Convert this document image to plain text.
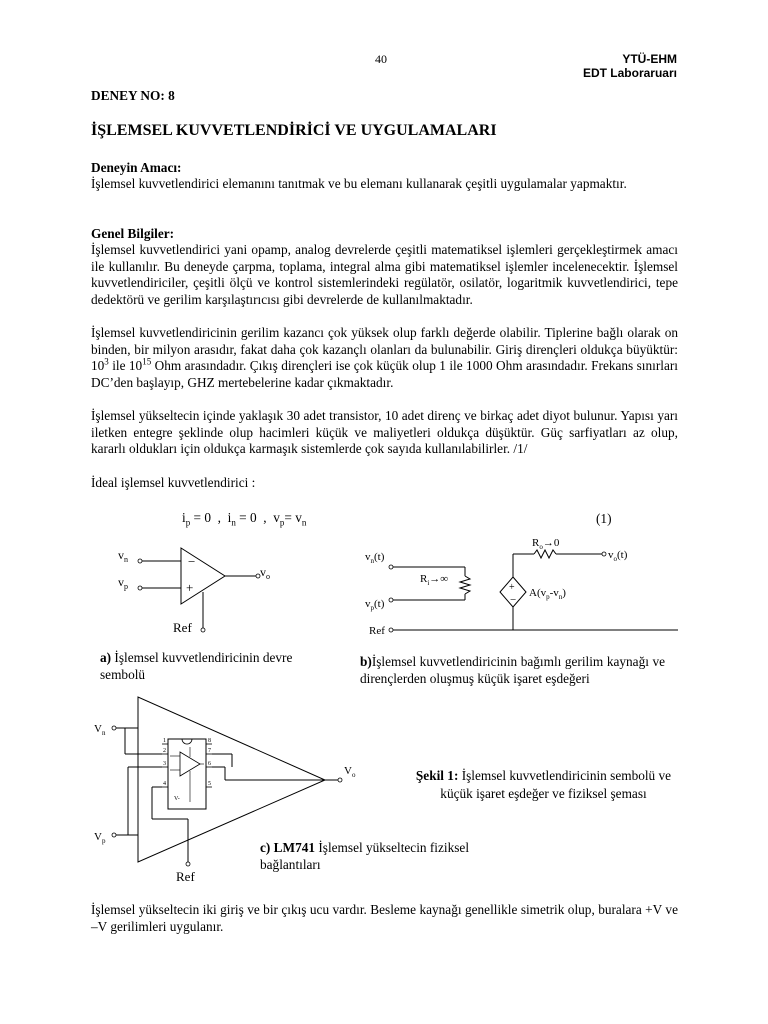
40	YTÜ-EHM
EDT Laboraruarı
DENEY NO: 8
İŞLEMSEL KUVVETLENDİRİCİ VE UYGULAMALARI
Deneyin Amacı:
İşlemsel kuvvetlendirici elemanını tanıtmak ve bu elemanı kullanarak çeşitli uygulamalar yapmaktır.
Genel Bilgiler:
İşlemsel kuvvetlendirici yani opamp, analog devrelerde çeşitli matematiksel işlemleri gerçekleştirmek amacı ile kullanılır. Bu deneyde çarpma, toplama, integral alma gibi matematiksel işlemler incelenecektir. İşlemsel kuvvetlendiriciler, çeşitli ölçü ve kontrol sistemlerindeki regülatör, osilatör, logaritmik kuvvetlendirici, tepe dedektörü ve gerilim karşılaştırıcısı gibi devrelerde de kullanılmaktadır.
İşlemsel kuvvetlendiricinin gerilim kazancı çok yüksek olup farklı değerde olabilir. Tiplerine bağlı olarak on binden, bir milyon arasıdır, fakat daha çok kazançlı olanları da bulunabilir. Giriş dirençleri oldukça büyüktür: $10^3$ ile $10^{15}$ Ohm arasındadır. Çıkış dirençleri ise çok küçük olup 1 ile 1000 Ohm arasındadır. Frekans sınırları DC’den başlayıp, GHZ mertebelerine kadar çıkmaktadır.
İşlemsel yükseltecin içinde yaklaşık 30 adet transistor, 10 adet direnç ve birkaç adet diyot bulunur. Yapısı yarı iletken entegre şeklinde olup hacimleri küçük ve maliyetleri oldukça düşüktür. Güç sarfiyatları az olup, kararlı oldukları için oldukça karmaşık sistemlerde çok sayıda kullanılabilirler. /1/
İdeal işlemsel kuvvetlendirici :
$i_p = 0$  ,  $i_n = 0$  ,  $v_p= v_n$	(1)
−
+
$v_n$
$v_p$
$v_o$
Ref
a) İşlemsel kuvvetlendiricinin devre sembolü
$v_n(t)$
$v_p(t)$
$R_i\to\infty$
$v_o(t)$
$R_o\to 0$
+
−
$A(v_p-v_n)$
Ref
b)İşlemsel kuvvetlendiricinin bağımlı gerilim kaynağı ve dirençlerden oluşmuş küçük işaret eşdeğeri
$V_n$
$V_p$
1
2
3
4
8
7
6
5
V-
$V_o$
Ref
c) LM741 İşlemsel yükseltecin fiziksel bağlantıları
Şekil 1: İşlemsel kuvvetlendiricinin sembolü ve küçük işaret eşdeğer ve fiziksel şeması
İşlemsel yükseltecin iki giriş ve bir çıkış ucu vardır. Besleme kaynağı genellikle simetrik olup, buralara +V ve –V gerilimleri uygulanır.
